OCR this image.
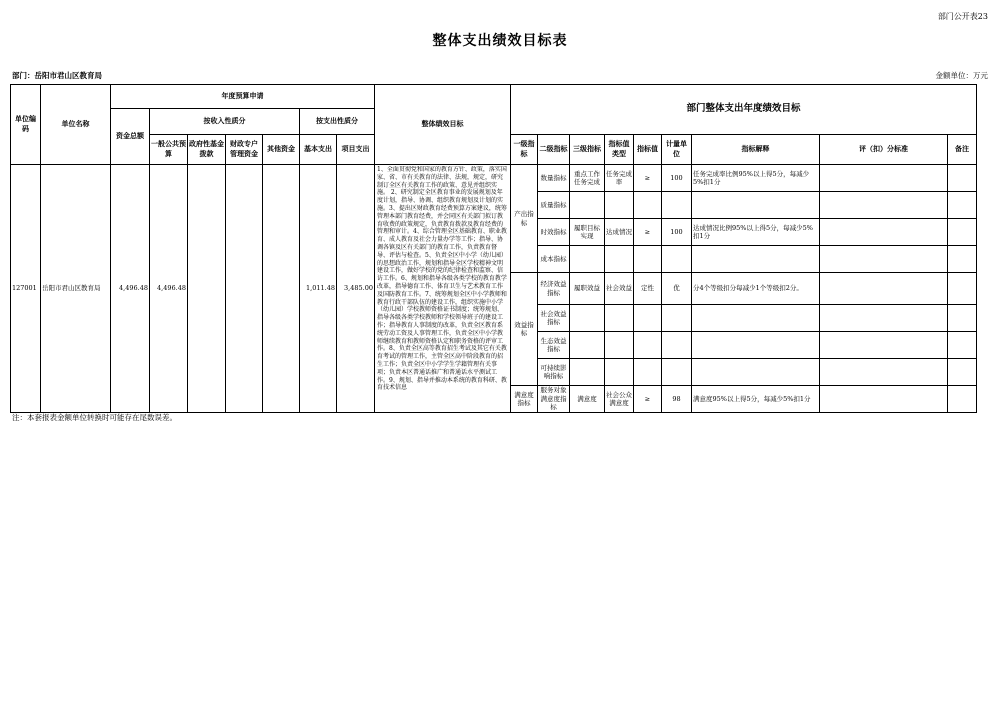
部门公开表23
整体支出绩效目标表
部门：岳阳市君山区教育局	金额单位：万元
单位编码	单位名称	年度预算申请							整体绩效目标	部门整体支出年度绩效目标								
		资金总额	按收入性质分				按支出性质分											
			一般公共预算	政府性基金拨款	财政专户管理资金	其他资金	基本支出	项目支出		一级指标	二级指标	三级指标	指标值类型	指标值	计量单位	指标解释	评（扣）分标准	备注
127001	岳阳市君山区教育局	4,496.48	4,496.48				1,011.48	3,485.00	1、全面贯彻党和国家的教育方针、政策，落实国家、省、市有关教育的法律、法规，规定，研究制订全区有关教育工作的政策、意见并组织实施。 2、研究制定全区教育事业的发展规划及年度计划，指导、协调、组织教育规划及计划的实施。3、提出区财政教育经费预算方案建议，统筹管理本部门教育经费，并会同区有关部门拟订教育收费的政策规定，负责教育拨款及教育经费的管理和审计。4、综合管理全区基础教育、职业教育、成人教育及社会力量办学等工作；指导、协调各镇及区有关部门的教育工作，负责教育督导、评估与检查。5、负责全区中小学（幼儿园）的思想政治工作，规划和指导全区学校精神文明建设工作，做好学校的党的纪律检查和监察、信访工作。6、规划和指导各级各类学校的教育教学改革，指导德育工作、体育卫生与艺术教育工作及国防教育工作。7、统筹规划全区中小学教师和教育行政干部队伍的建设工作，组织实施中小学（幼儿园）学校教师资格证书制度；统筹规划、指导各级各类学校教师和学校领导班子的建设工作；指导教育人事制度的改革，负责全区教育系统劳动工资及人事管理工作，负责全区中小学教师继续教育和教师资格认定和职务资格的评审工作。8、负责全区高等教育招生考试及其它有关教育考试的管理工作，主管全区高中阶段教育的招生工作；负责全区中小学学生学籍管理有关事项；负责本区普通话推广和普通话水平测试工作。9、规划、指导并推动本系统的教育科研、教育技术信息	产出指标	数量指标	重点工作任务完成	任务完成率	≥	100	任务完成率比例95%以上得5分，每减少5%扣1分		
											质量指标							
											时效指标	履职目标实现	达成情况	≥	100	达成情况比例95%以上得5分，每减少5%扣1分		
											成本指标							
										效益指标	经济效益指标	履职效益	社会效益	定性	优	分4个等级扣分每减少1个等级扣2分。		
											社会效益指标							
											生态效益指标							
											可持续影响指标							
										满意度指标	服务对象满意度指标	满意度	社会公众满意度	≥	98	满意度95%以上得5分，每减少5%扣1分		
注：本套报表金额单位转换时可能存在尾数误差。
